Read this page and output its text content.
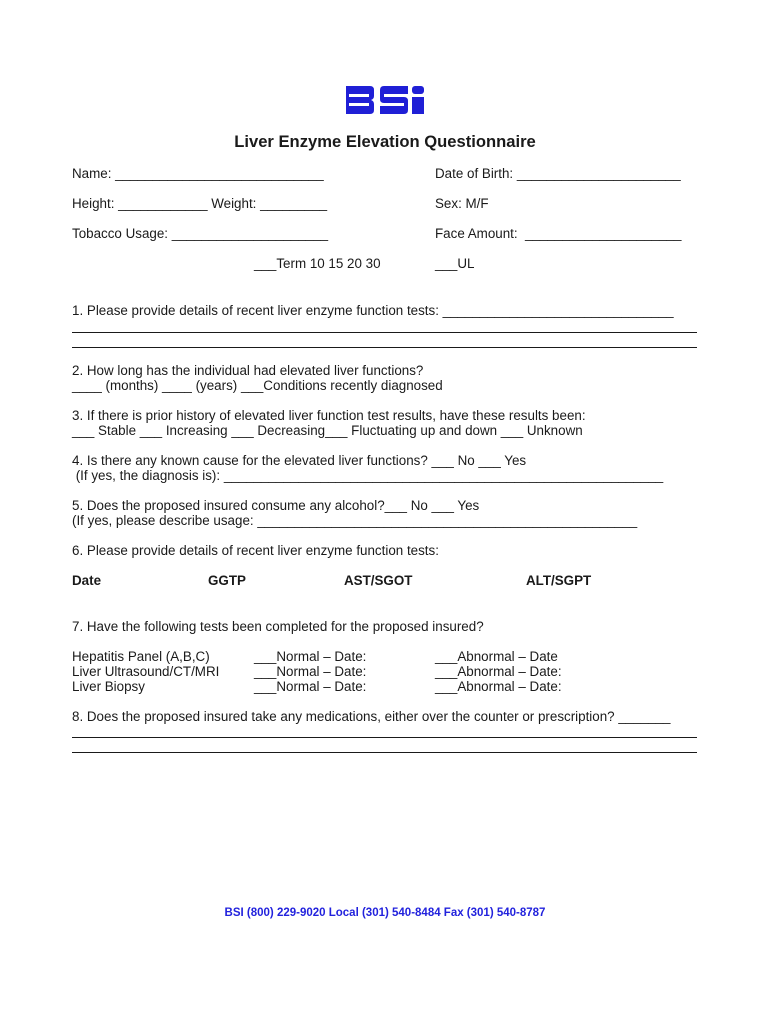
Liver Enzyme Elevation Questionnaire
Name: ____________________________	Date of Birth: ______________________
Height: ____________ Weight: _________	Sex: M/F
Tobacco Usage: _____________________	Face Amount:  _____________________
___Term 10 15 20 30	___UL
1. Please provide details of recent liver enzyme function tests: _______________________________
2. How long has the individual had elevated liver functions?
____ (months) ____ (years) ___Conditions recently diagnosed
3. If there is prior history of elevated liver function test results, have these results been:
___ Stable ___ Increasing ___ Decreasing___ Fluctuating up and down ___ Unknown
4. Is there any known cause for the elevated liver functions? ___ No ___ Yes
(If yes, the diagnosis is): ___________________________________________________________
5. Does the proposed insured consume any alcohol?___ No ___ Yes
(If yes, please describe usage: ___________________________________________________
6. Please provide details of recent liver enzyme function tests:
Date	GGTP	AST/SGOT	ALT/SGPT
7. Have the following tests been completed for the proposed insured?
Hepatitis Panel (A,B,C)	___Normal – Date:	___Abnormal – Date
Liver Ultrasound/CT/MRI	___Normal – Date:	___Abnormal – Date:
Liver Biopsy	___Normal – Date:	___Abnormal – Date:
8. Does the proposed insured take any medications, either over the counter or prescription? _______
BSI (800) 229-9020 Local (301) 540-8484 Fax (301) 540-8787
